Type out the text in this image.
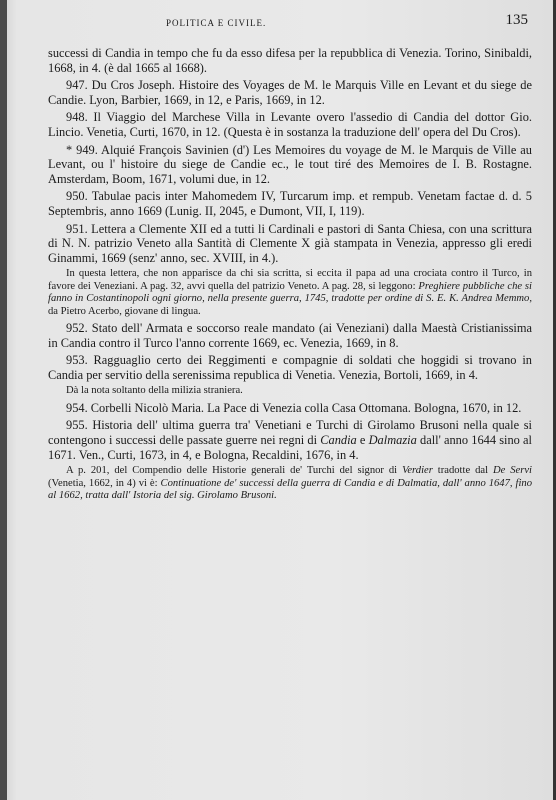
POLITICA E CIVILE.	135

successi di Candia in tempo che fu da esso difesa per la repubblica di Venezia. Torino, Sinibaldi, 1668, in 4. (è dal 1665 al 1668).

947. Du Cros Joseph. Histoire des Voyages de M. le Marquis Ville en Levant et du siege de Candie. Lyon, Barbier, 1669, in 12, e Paris, 1669, in 12.

948. Il Viaggio del Marchese Villa in Levante overo l'assedio di Candia del dottor Gio. Lincio. Venetia, Curti, 1670, in 12. (Questa è in sostanza la traduzione dell' opera del Du Cros).

* 949. Alquié François Savinien (d') Les Memoires du voyage de M. le Marquis de Ville au Levant, ou l' histoire du siege de Candie ec., le tout tiré des Memoires de I. B. Rostagne. Amsterdam, Boom, 1671, volumi due, in 12.

950. Tabulae pacis inter Mahomedem IV, Turcarum imp. et rempub. Venetam factae d. d. 5 Septembris, anno 1669 (Lunig. II, 2045, e Dumont, VII, I, 119).

951. Lettera a Clemente XII ed a tutti li Cardinali e pastori di Santa Chiesa, con una scrittura di N. N. patrizio Veneto alla Santità di Clemente X già stampata in Venezia, appresso gli eredi Ginammi, 1669 (senz' anno, sec. XVIII, in 4.).

In questa lettera, che non apparisce da chi sia scritta, si eccita il papa ad una crociata contro il Turco, in favore dei Veneziani. A pag. 32, avvi quella del patrizio Veneto. A pag. 28, si leggono: Preghiere pubbliche che si fanno in Costantinopoli ogni giorno, nella presente guerra, 1745, tradotte per ordine di S. E. K. Andrea Memmo, da Pietro Acerbo, giovane di lingua.

952. Stato dell' Armata e soccorso reale mandato (ai Veneziani) dalla Maestà Cristianissima in Candia contro il Turco l'anno corrente 1669, ec. Venezia, 1669, in 8.

953. Ragguaglio certo dei Reggimenti e compagnie di soldati che hoggidi si trovano in Candia per servitio della serenissima republica di Venetia. Venezia, Bortoli, 1669, in 4.

Dà la nota soltanto della milizia straniera.

954. Corbelli Nicolò Maria. La Pace di Venezia colla Casa Ottomana. Bologna, 1670, in 12.

955. Historia dell' ultima guerra tra' Venetiani e Turchi di Girolamo Brusoni nella quale si contengono i successi delle passate guerre nei regni di Candia e Dalmazia dall' anno 1644 sino al 1671. Ven., Curti, 1673, in 4, e Bologna, Recaldini, 1676, in 4.

A p. 201, del Compendio delle Historie generali de' Turchi del signor di Verdier tradotte dal De Servi (Venetia, 1662, in 4) vi è: Continuatione de' successi della guerra di Candia e di Dalmatia, dall' anno 1647, fino al 1662, tratta dall' Istoria del sig. Girolamo Brusoni.
